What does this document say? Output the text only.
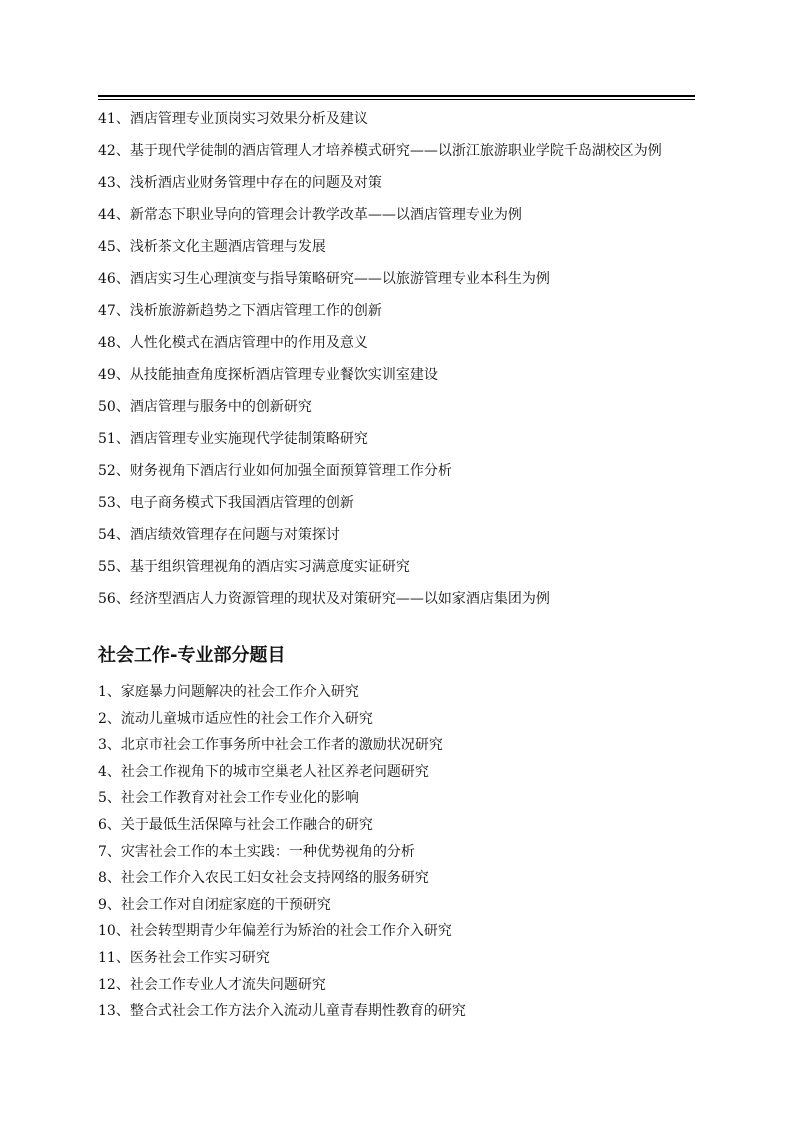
41、酒店管理专业顶岗实习效果分析及建议
42、基于现代学徒制的酒店管理人才培养模式研究——以浙江旅游职业学院千岛湖校区为例
43、浅析酒店业财务管理中存在的问题及对策
44、新常态下职业导向的管理会计教学改革——以酒店管理专业为例
45、浅析茶文化主题酒店管理与发展
46、酒店实习生心理演变与指导策略研究——以旅游管理专业本科生为例
47、浅析旅游新趋势之下酒店管理工作的创新
48、人性化模式在酒店管理中的作用及意义
49、从技能抽查角度探析酒店管理专业餐饮实训室建设
50、酒店管理与服务中的创新研究
51、酒店管理专业实施现代学徒制策略研究
52、财务视角下酒店行业如何加强全面预算管理工作分析
53、电子商务模式下我国酒店管理的创新
54、酒店绩效管理存在问题与对策探讨
55、基于组织管理视角的酒店实习满意度实证研究
56、经济型酒店人力资源管理的现状及对策研究——以如家酒店集团为例
社会工作-专业部分题目
1、家庭暴力问题解决的社会工作介入研究
2、流动儿童城市适应性的社会工作介入研究
3、北京市社会工作事务所中社会工作者的激励状况研究
4、社会工作视角下的城市空巢老人社区养老问题研究
5、社会工作教育对社会工作专业化的影响
6、关于最低生活保障与社会工作融合的研究
7、灾害社会工作的本土实践：一种优势视角的分析
8、社会工作介入农民工妇女社会支持网络的服务研究
9、社会工作对自闭症家庭的干预研究
10、社会转型期青少年偏差行为矫治的社会工作介入研究
11、医务社会工作实习研究
12、社会工作专业人才流失问题研究
13、整合式社会工作方法介入流动儿童青春期性教育的研究
